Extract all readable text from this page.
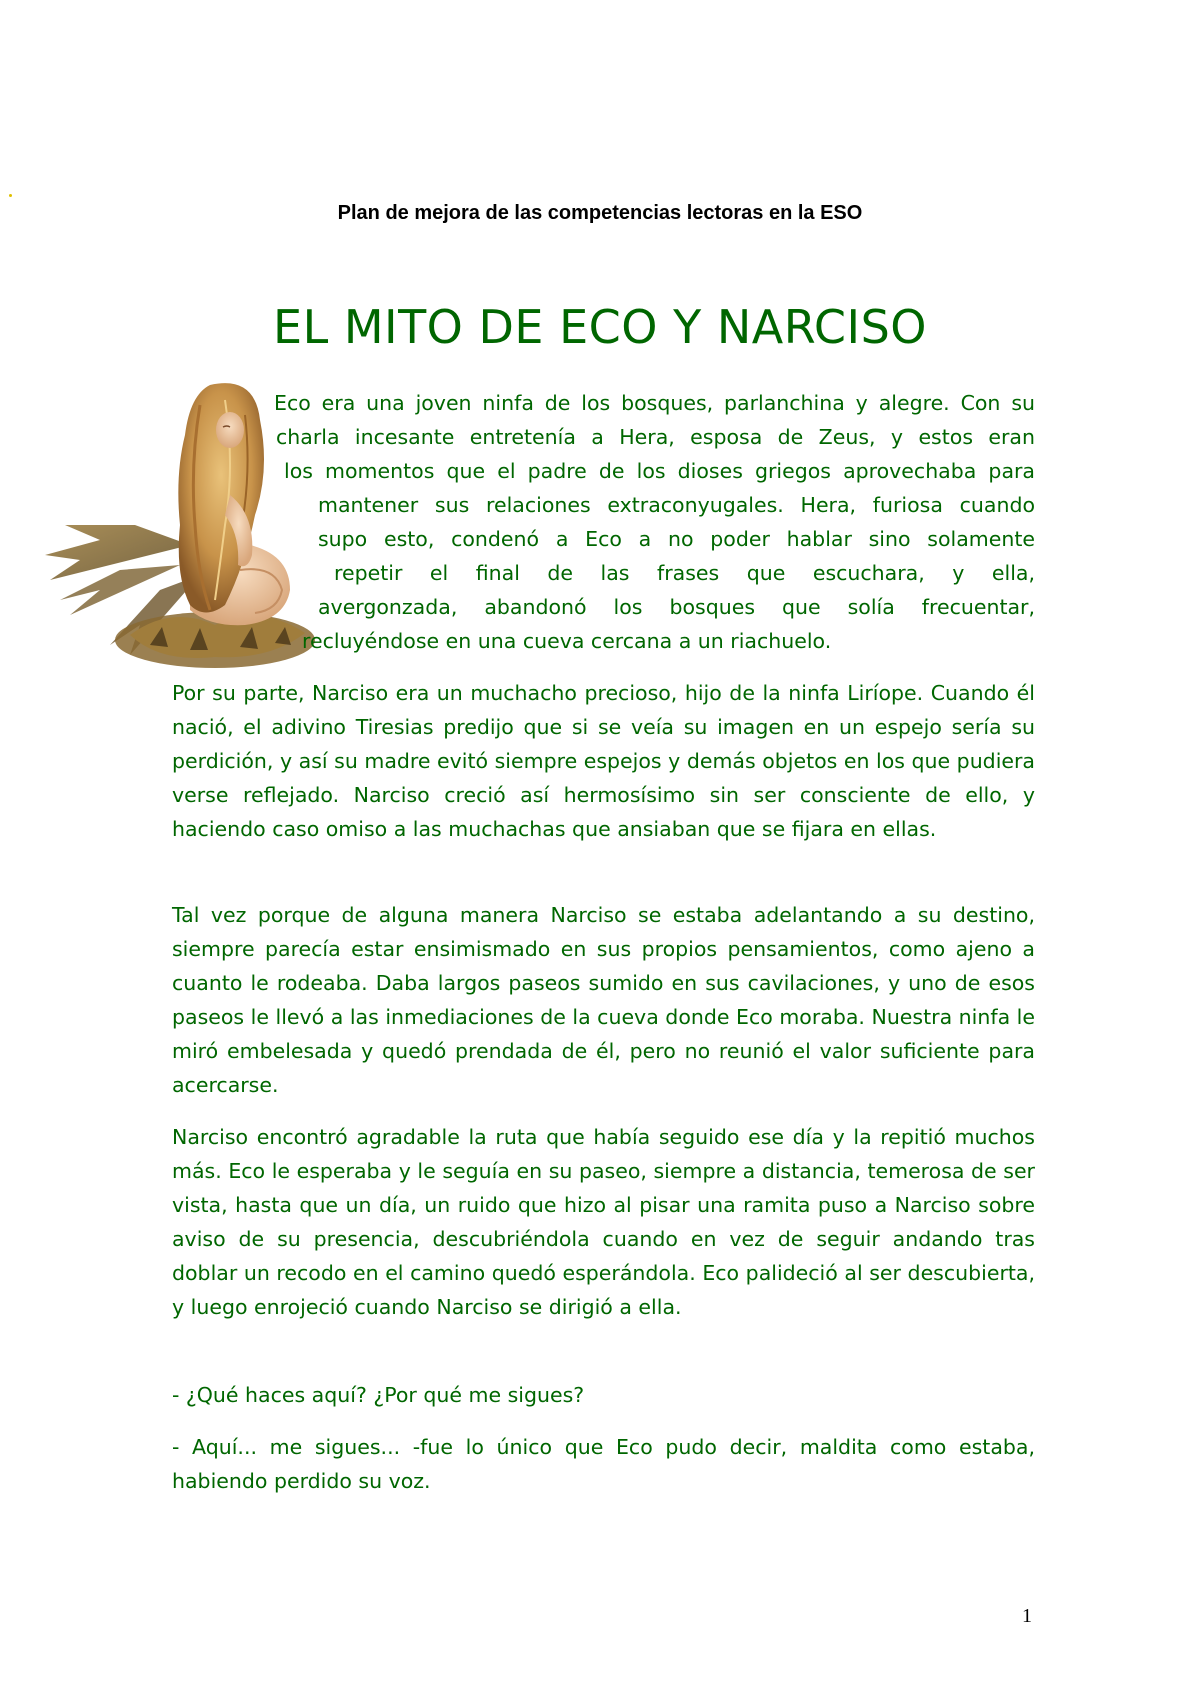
Plan de mejora de las competencias lectoras en la ESO
EL MITO DE ECO Y NARCISO
Eco era una joven ninfa de los bosques, parlanchina y alegre. Con su
charla incesante entretenía a Hera, esposa de Zeus, y estos eran
los momentos que el padre de los dioses griegos aprovechaba para
mantener sus relaciones extraconyugales. Hera, furiosa cuando
supo esto, condenó a Eco a no poder hablar sino solamente
repetir el final de las frases que escuchara, y ella,
avergonzada, abandonó los bosques que solía frecuentar,
recluyéndose en una cueva cercana a un riachuelo.

Por su parte, Narciso era un muchacho precioso, hijo de la ninfa Liríope. Cuando él nació, el adivino Tiresias predijo que si se veía su imagen en un espejo sería su perdición, y así su madre evitó siempre espejos y demás objetos en los que pudiera verse reflejado. Narciso creció así hermosísimo sin ser consciente de ello, y haciendo caso omiso a las muchachas que ansiaban que se fijara en ellas.

Tal vez porque de alguna manera Narciso se estaba adelantando a su destino, siempre parecía estar ensimismado en sus propios pensamientos, como ajeno a cuanto le rodeaba. Daba largos paseos sumido en sus cavilaciones, y uno de esos paseos le llevó a las inmediaciones de la cueva donde Eco moraba. Nuestra ninfa le miró embelesada y quedó prendada de él, pero no reunió el valor suficiente para acercarse.

Narciso encontró agradable la ruta que había seguido ese día y la repitió muchos más. Eco le esperaba y le seguía en su paseo, siempre a distancia, temerosa de ser vista, hasta que un día, un ruido que hizo al pisar una ramita puso a Narciso sobre aviso de su presencia, descubriéndola cuando en vez de seguir andando tras doblar un recodo en el camino quedó esperándola. Eco palideció al ser descubierta, y luego enrojeció cuando Narciso se dirigió a ella.

- ¿Qué haces aquí? ¿Por qué me sigues?

- Aquí... me sigues... -fue lo único que Eco pudo decir, maldita como estaba, habiendo perdido su voz.

1
